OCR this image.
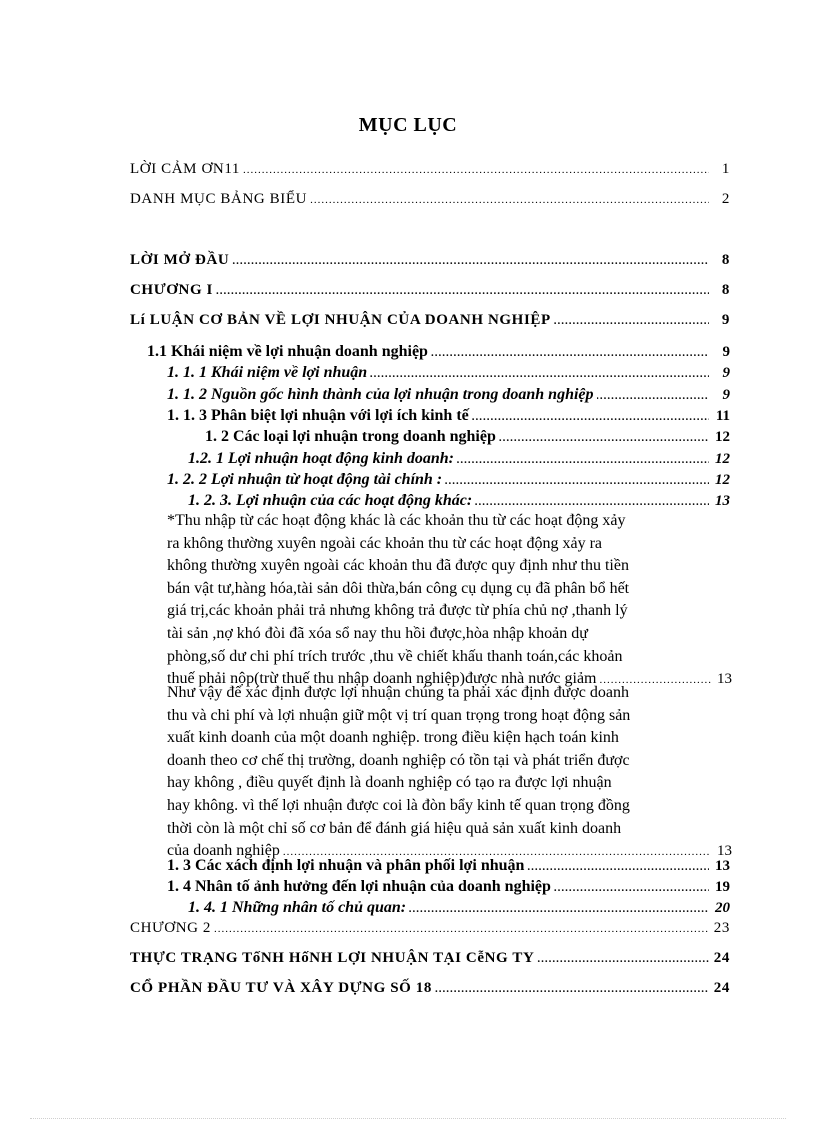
MỤC LỤC
LỜI CẢM ƠN11 .....	1
DANH MỤC BẢNG BIỂU .....	2
LỜI MỞ ĐẦU .....	8
CHƯƠNG I .....	8
Lí LUẬN CƠ BẢN VỀ LỢI NHUẬN CỦA DOANH NGHIỆP .....	9
1.1 Khái niệm về lợi nhuận doanh nghiệp .....	9
1. 1. 1 Khái niệm về lợi nhuận .....	9
1. 1. 2 Nguồn gốc hình thành của lợi nhuận trong doanh nghiệp .....	9
1. 1. 3 Phân biệt lợi nhuận với lợi ích kinh tế .....	11
1. 2 Các loại lợi nhuận trong doanh nghiệp .....	12
1.2. 1 Lợi nhuận hoạt động kinh doanh: .....	12
1. 2. 2 Lợi nhuận từ hoạt động tài chính : .....	12
1. 2. 3. Lợi nhuận của các hoạt động khác: .....	13
*Thu nhập từ các hoạt động khác là các khoản thu từ các hoạt động xảy
ra không thường xuyên ngoài các khoản thu từ các hoạt động xảy ra
không thường xuyên ngoài các khoản thu đã được quy định như thu tiền
bán vật tư,hàng hóa,tài sản dôi thừa,bán công cụ dụng cụ đã phân bổ hết
giá trị,các khoản phải trả nhưng không trả được từ phía chủ nợ ,thanh lý
tài sản ,nợ khó đòi đã xóa sổ nay thu hồi được,hòa nhập khoản dự
phòng,số dư chi phí trích trước ,thu về chiết khấu thanh toán,các khoản
thuế phải nộp(trừ thuế thu nhập doanh nghiệp)được nhà nước giảm .....	13
Như vậy để xác định được lợi nhuận chúng ta phải xác định được doanh
thu và chi phí và lợi nhuận giữ một vị trí quan trọng trong hoạt động sản
xuất kinh doanh của một doanh nghiệp. trong điều kiện hạch toán kinh
doanh theo cơ chế thị trường, doanh nghiệp có tồn tại và phát triển được
hay không , điều quyết định là doanh nghiệp có tạo ra được lợi nhuận
hay không. vì thế lợi nhuận được coi là đòn bẩy kinh tế quan trọng đồng
thời còn là một chỉ số cơ bản để đánh giá hiệu quả sản xuất kinh doanh
của doanh nghiệp .....	13
1. 3 Các xách định lợi nhuận và phân phối lợi nhuận .....	13
1. 4 Nhân tố ảnh hưởng đến lợi nhuận của doanh nghiệp .....	19
1. 4. 1 Những nhân tố chủ quan: .....	20
CHƯƠNG 2 .....	23
THỰC TRẠNG TốNH HốNH LỢI NHUẬN TẠI CễNG TY .....	24
CỔ PHẦN ĐẦU TƯ VÀ XÂY DỰNG SỐ 18 .....	24
